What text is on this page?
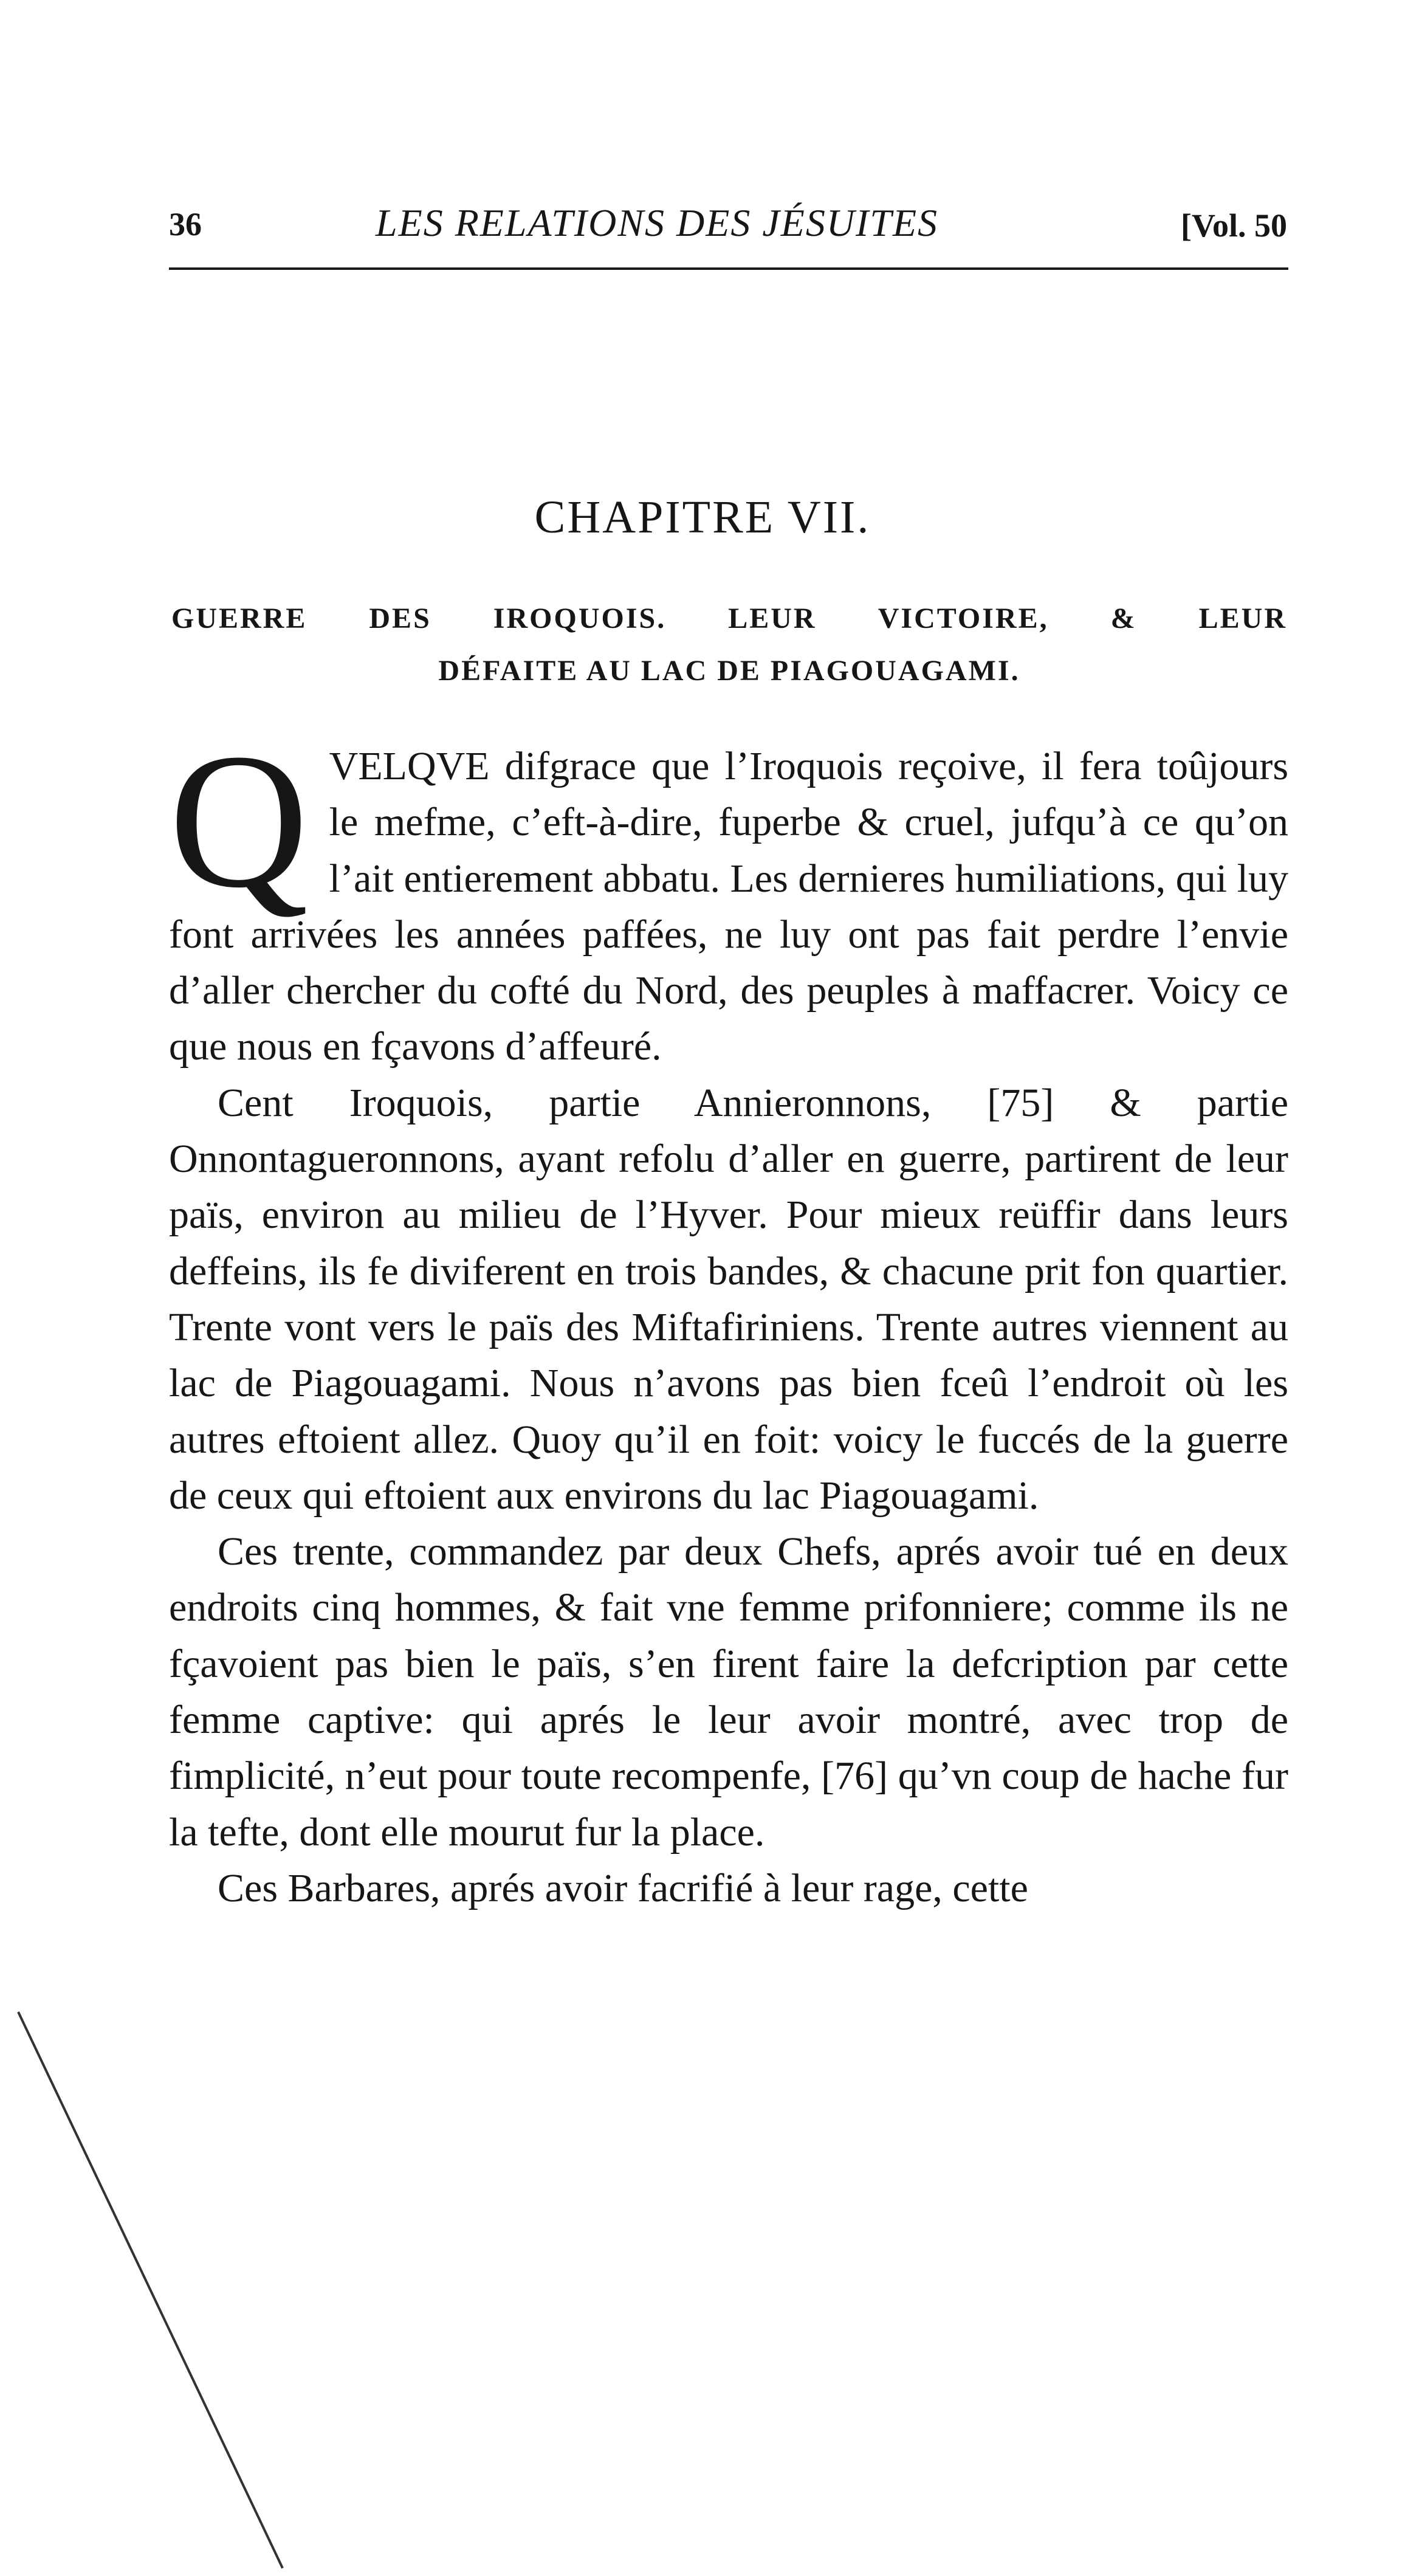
36	LES RELATIONS DES JÉSUITES	[Vol. 50
CHAPITRE VII.
GUERRE DES IROQUOIS. LEUR VICTOIRE, & LEUR
DÉFAITE AU LAC DE PIAGOUAGAMI.

QVELQVE difgrace que l’Iroquois reçoive, il fera toûjours le mefme, c’eft-à-dire, fuperbe & cruel, jufqu’à ce qu’on l’ait entierement abbatu. Les dernieres humiliations, qui luy font arrivées les années paffées, ne luy ont pas fait perdre l’envie d’aller chercher du cofté du Nord, des peuples à maffacrer. Voicy ce que nous en fçavons d’affeuré.

Cent Iroquois, partie Annieronnons, [75] & partie Onnontagueronnons, ayant refolu d’aller en guerre, partirent de leur païs, environ au milieu de l’Hyver. Pour mieux reüffir dans leurs deffeins, ils fe diviferent en trois bandes, & chacune prit fon quartier. Trente vont vers le païs des Miftafiriniens. Trente autres viennent au lac de Piagouagami. Nous n’avons pas bien fceû l’endroit où les autres eftoient allez. Quoy qu’il en foit: voicy le fuccés de la guerre de ceux qui eftoient aux environs du lac Piagouagami.

Ces trente, commandez par deux Chefs, aprés avoir tué en deux endroits cinq hommes, & fait vne femme prifonniere; comme ils ne fçavoient pas bien le païs, s’en firent faire la defcription par cette femme captive: qui aprés le leur avoir montré, avec trop de fimplicité, n’eut pour toute recompenfe, [76] qu’vn coup de hache fur la tefte, dont elle mourut fur la place.

Ces Barbares, aprés avoir facrifié à leur rage, cette
